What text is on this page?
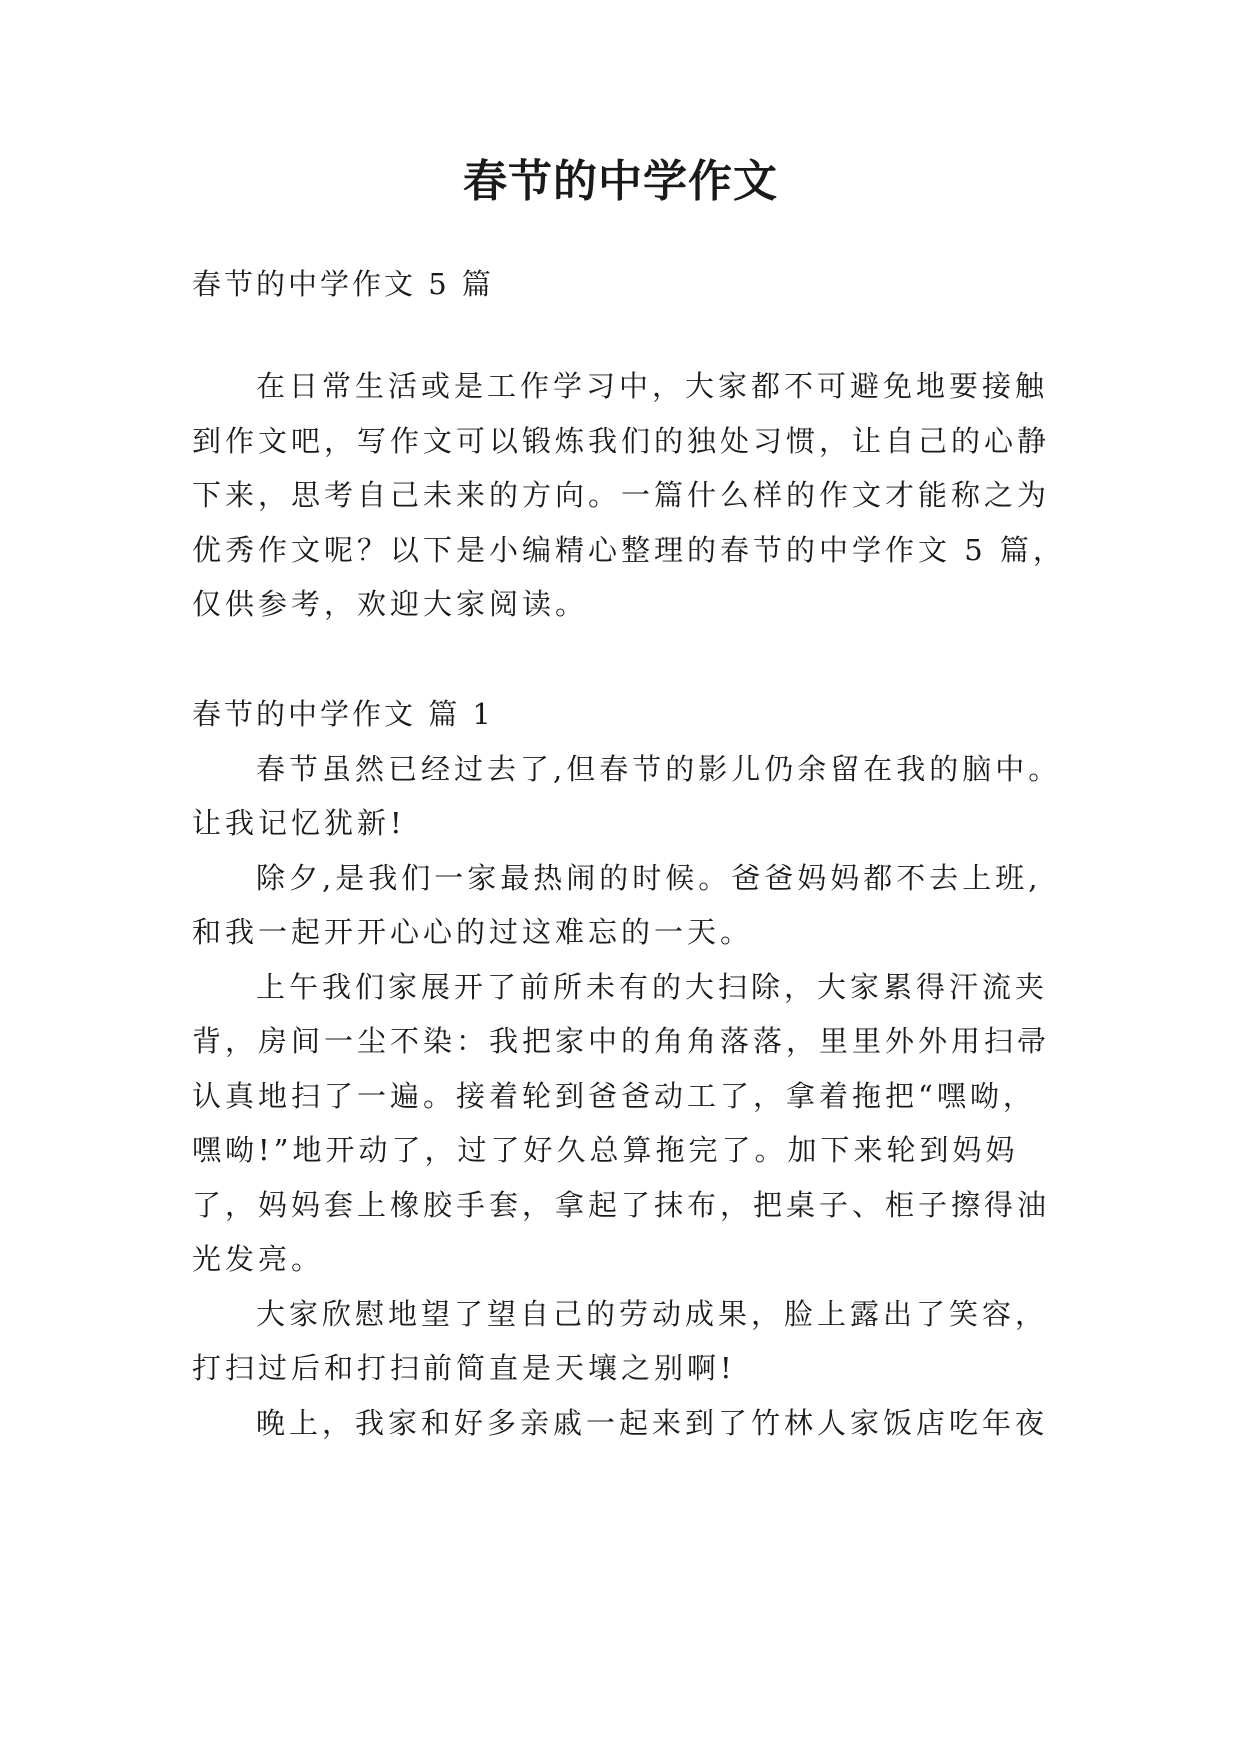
春节的中学作文
春节的中学作文 5 篇
在日常生活或是工作学习中，大家都不可避免地要接触
到作文吧，写作文可以锻炼我们的独处习惯，让自己的心静
下来，思考自己未来的方向。一篇什么样的作文才能称之为
优秀作文呢？以下是小编精心整理的春节的中学作文 5 篇，
仅供参考，欢迎大家阅读。
春节的中学作文 篇 1
春节虽然已经过去了,但春节的影儿仍余留在我的脑中。
让我记忆犹新!
除夕,是我们一家最热闹的时候。爸爸妈妈都不去上班,
和我一起开开心心的过这难忘的一天。
上午我们家展开了前所未有的大扫除，大家累得汗流夹
背，房间一尘不染：我把家中的角角落落，里里外外用扫帚
认真地扫了一遍。接着轮到爸爸动工了，拿着拖把“嘿呦，
嘿呦!”地开动了，过了好久总算拖完了。加下来轮到妈妈
了，妈妈套上橡胶手套，拿起了抹布，把桌子、柜子擦得油
光发亮。
大家欣慰地望了望自己的劳动成果，脸上露出了笑容，
打扫过后和打扫前简直是天壤之别啊!
晚上，我家和好多亲戚一起来到了竹林人家饭店吃年夜
